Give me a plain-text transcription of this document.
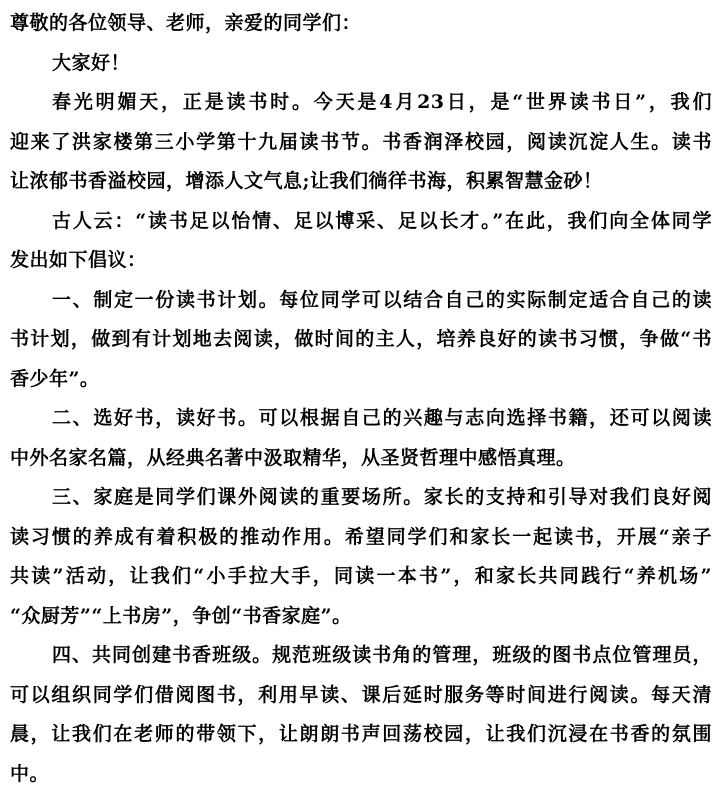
尊敬的各位领导、老师，亲爱的同学们：
大家好！
春光明媚天，正是读书时。今天是4月23日，是“世界读书日”，我们
迎来了洪家楼第三小学第十九届读书节。书香润泽校园，阅读沉淀人生。读书
让浓郁书香溢校园，增添人文气息;让我们徜徉书海，积累智慧金砂！
古人云：“读书足以怡情、足以博采、足以长才。”在此，我们向全体同学
发出如下倡议：
一、制定一份读书计划。每位同学可以结合自己的实际制定适合自己的读
书计划，做到有计划地去阅读，做时间的主人，培养良好的读书习惯，争做“书
香少年”。
二、选好书，读好书。可以根据自己的兴趣与志向选择书籍，还可以阅读
中外名家名篇，从经典名著中汲取精华，从圣贤哲理中感悟真理。
三、家庭是同学们课外阅读的重要场所。家长的支持和引导对我们良好阅
读习惯的养成有着积极的推动作用。希望同学们和家长一起读书，开展“亲子
共读”活动，让我们“小手拉大手，同读一本书”，和家长共同践行“养机场”
“众厨芳”“上书房”，争创“书香家庭”。
四、共同创建书香班级。规范班级读书角的管理，班级的图书点位管理员，
可以组织同学们借阅图书，利用早读、课后延时服务等时间进行阅读。每天清
晨，让我们在老师的带领下，让朗朗书声回荡校园，让我们沉浸在书香的氛围
中。
